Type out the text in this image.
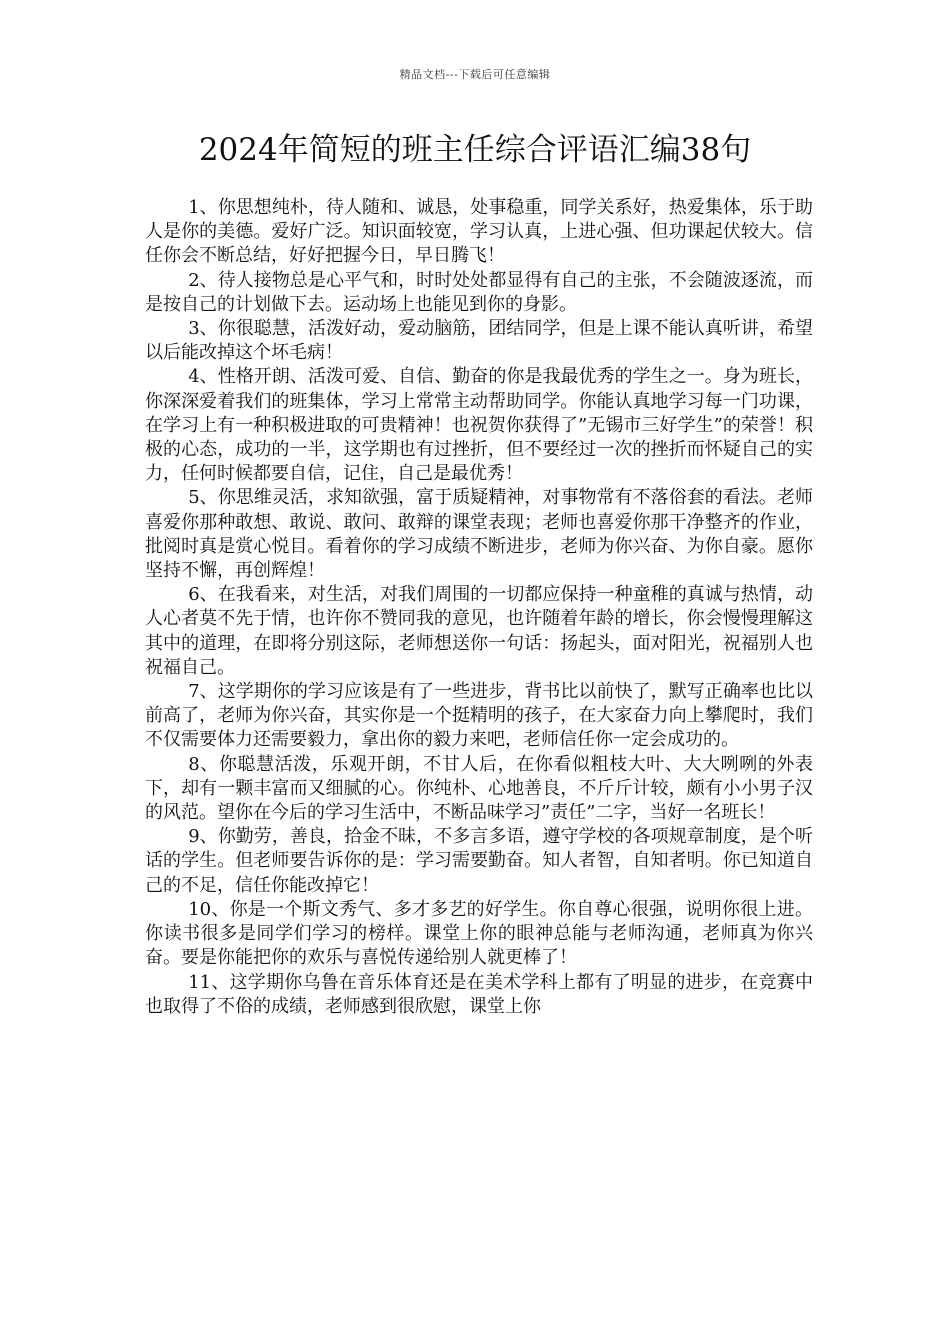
精品文档---下载后可任意编辑
2024年简短的班主任综合评语汇编38句

1、你思想纯朴，待人随和、诚恳，处事稳重，同学关系好，热爱集体，乐于助人是你的美德。爱好广泛。知识面较宽，学习认真，上进心强、但功课起伏较大。信任你会不断总结，好好把握今日，早日腾飞！

2、待人接物总是心平气和，时时处处都显得有自己的主张，不会随波逐流，而是按自己的计划做下去。运动场上也能见到你的身影。

3、你很聪慧，活泼好动，爱动脑筋，团结同学，但是上课不能认真听讲，希望以后能改掉这个坏毛病！

4、性格开朗、活泼可爱、自信、勤奋的你是我最优秀的学生之一。身为班长，你深深爱着我们的班集体，学习上常常主动帮助同学。你能认真地学习每一门功课，在学习上有一种积极进取的可贵精神！也祝贺你获得了”无锡市三好学生”的荣誉！积极的心态，成功的一半，这学期也有过挫折，但不要经过一次的挫折而怀疑自己的实力，任何时候都要自信，记住，自己是最优秀！

5、你思维灵活，求知欲强，富于质疑精神，对事物常有不落俗套的看法。老师喜爱你那种敢想、敢说、敢问、敢辩的课堂表现；老师也喜爱你那干净整齐的作业，批阅时真是赏心悦目。看着你的学习成绩不断进步，老师为你兴奋、为你自豪。愿你坚持不懈，再创辉煌！

6、在我看来，对生活，对我们周围的一切都应保持一种童稚的真诚与热情，动人心者莫不先于情，也许你不赞同我的意见，也许随着年龄的增长，你会慢慢理解这其中的道理，在即将分别这际，老师想送你一句话：扬起头，面对阳光，祝福别人也祝福自己。

7、这学期你的学习应该是有了一些进步，背书比以前快了，默写正确率也比以前高了，老师为你兴奋，其实你是一个挺精明的孩子，在大家奋力向上攀爬时，我们不仅需要体力还需要毅力，拿出你的毅力来吧，老师信任你一定会成功的。

8、你聪慧活泼，乐观开朗，不甘人后，在你看似粗枝大叶、大大咧咧的外表下，却有一颗丰富而又细腻的心。你纯朴、心地善良，不斤斤计较，颇有小小男子汉的风范。望你在今后的学习生活中，不断品味学习”责任”二字，当好一名班长！

9、你勤劳，善良，拾金不昧，不多言多语，遵守学校的各项规章制度，是个听话的学生。但老师要告诉你的是：学习需要勤奋。知人者智，自知者明。你已知道自己的不足，信任你能改掉它！

10、你是一个斯文秀气、多才多艺的好学生。你自尊心很强，说明你很上进。你读书很多是同学们学习的榜样。课堂上你的眼神总能与老师沟通，老师真为你兴奋。要是你能把你的欢乐与喜悦传递给别人就更棒了！

11、这学期你乌鲁在音乐体育还是在美术学科上都有了明显的进步，在竞赛中也取得了不俗的成绩，老师感到很欣慰，课堂上你
